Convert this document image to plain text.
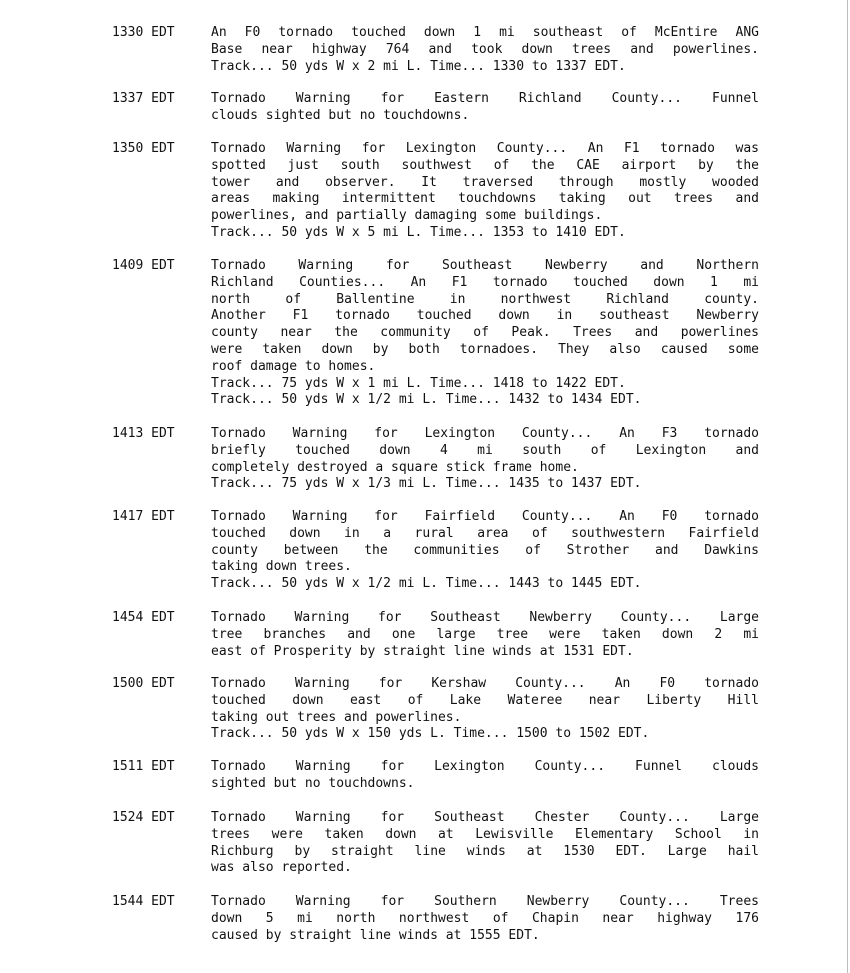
1330 EDT	An F0 tornado touched down 1 mi southeast of McEntire ANG
Base near highway 764 and took down trees and powerlines.
Track... 50 yds W x 2 mi L. Time... 1330 to 1337 EDT.
1337 EDT	Tornado Warning for Eastern Richland County... Funnel
clouds sighted but no touchdowns.
1350 EDT	Tornado Warning for Lexington County... An F1 tornado was
spotted just south southwest of the CAE airport by the
tower and observer. It traversed through mostly wooded
areas making intermittent touchdowns taking out trees and
powerlines, and partially damaging some buildings.
Track... 50 yds W x 5 mi L. Time... 1353 to 1410 EDT.
1409 EDT	Tornado Warning for Southeast Newberry and Northern
Richland Counties... An F1 tornado touched down 1 mi
north of Ballentine in northwest Richland county.
Another F1 tornado touched down in southeast Newberry
county near the community of Peak. Trees and powerlines
were taken down by both tornadoes. They also caused some
roof damage to homes.
Track... 75 yds W x 1 mi L. Time... 1418 to 1422 EDT.
Track... 50 yds W x 1/2 mi L. Time... 1432 to 1434 EDT.
1413 EDT	Tornado Warning for Lexington County... An F3 tornado
briefly touched down 4 mi south of Lexington and
completely destroyed a square stick frame home.
Track... 75 yds W x 1/3 mi L. Time... 1435 to 1437 EDT.
1417 EDT	Tornado Warning for Fairfield County... An F0 tornado
touched down in a rural area of southwestern Fairfield
county between the communities of Strother and Dawkins
taking down trees.
Track... 50 yds W x 1/2 mi L. Time... 1443 to 1445 EDT.
1454 EDT	Tornado Warning for Southeast Newberry County... Large
tree branches and one large tree were taken down 2 mi
east of Prosperity by straight line winds at 1531 EDT.
1500 EDT	Tornado Warning for Kershaw County... An F0 tornado
touched down east of Lake Wateree near Liberty Hill
taking out trees and powerlines.
Track... 50 yds W x 150 yds L. Time... 1500 to 1502 EDT.
1511 EDT	Tornado Warning for Lexington County... Funnel clouds
sighted but no touchdowns.
1524 EDT	Tornado Warning for Southeast Chester County... Large
trees were taken down at Lewisville Elementary School in
Richburg by straight line winds at 1530 EDT. Large hail
was also reported.
1544 EDT	Tornado Warning for Southern Newberry County... Trees
down 5 mi north northwest of Chapin near highway 176
caused by straight line winds at 1555 EDT.
